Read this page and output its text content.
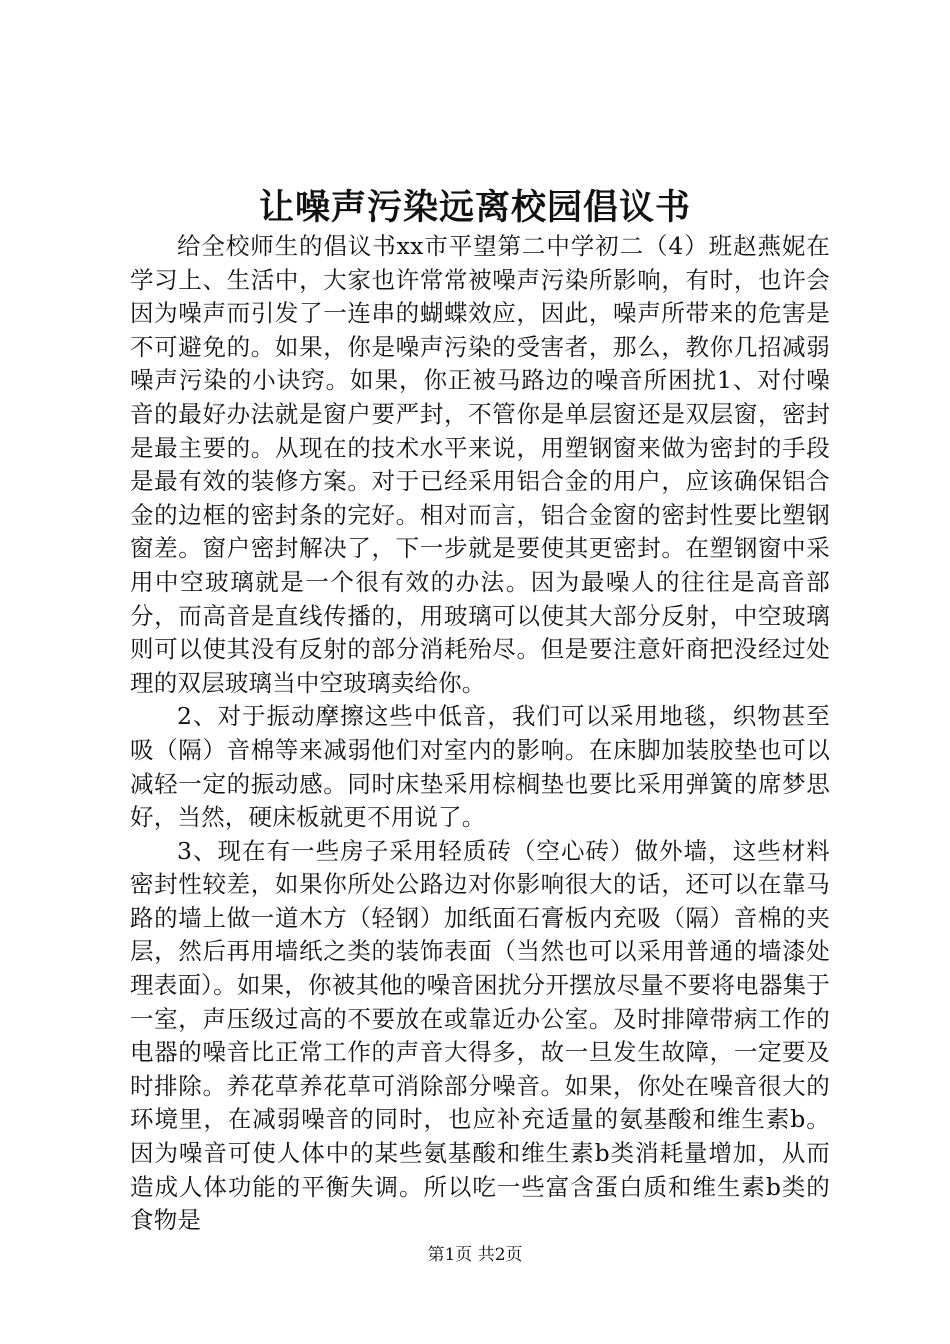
让噪声污染远离校园倡议书

给全校师生的倡议书xx市平望第二中学初二（4）班赵燕妮在学习上、生活中，大家也许常常被噪声污染所影响，有时，也许会因为噪声而引发了一连串的蝴蝶效应，因此，噪声所带来的危害是不可避免的。如果，你是噪声污染的受害者，那么，教你几招减弱噪声污染的小诀窍。如果，你正被马路边的噪音所困扰1、对付噪音的最好办法就是窗户要严封，不管你是单层窗还是双层窗，密封是最主要的。从现在的技术水平来说，用塑钢窗来做为密封的手段是最有效的装修方案。对于已经采用铝合金的用户，应该确保铝合金的边框的密封条的完好。相对而言，铝合金窗的密封性要比塑钢窗差。窗户密封解决了，下一步就是要使其更密封。在塑钢窗中采用中空玻璃就是一个很有效的办法。因为最噪人的往往是高音部分，而高音是直线传播的，用玻璃可以使其大部分反射，中空玻璃则可以使其没有反射的部分消耗殆尽。但是要注意奸商把没经过处理的双层玻璃当中空玻璃卖给你。

2、对于振动摩擦这些中低音，我们可以采用地毯，织物甚至吸（隔）音棉等来减弱他们对室内的影响。在床脚加装胶垫也可以减轻一定的振动感。同时床垫采用棕榈垫也要比采用弹簧的席梦思好，当然，硬床板就更不用说了。

3、现在有一些房子采用轻质砖（空心砖）做外墙，这些材料密封性较差，如果你所处公路边对你影响很大的话，还可以在靠马路的墙上做一道木方（轻钢）加纸面石膏板内充吸（隔）音棉的夹层，然后再用墙纸之类的装饰表面（当然也可以采用普通的墙漆处理表面）。如果，你被其他的噪音困扰分开摆放尽量不要将电器集于一室，声压级过高的不要放在或靠近办公室。及时排障带病工作的电器的噪音比正常工作的声音大得多，故一旦发生故障，一定要及时排除。养花草养花草可消除部分噪音。如果，你处在噪音很大的环境里，在减弱噪音的同时，也应补充适量的氨基酸和维生素b。因为噪音可使人体中的某些氨基酸和维生素b类消耗量增加，从而造成人体功能的平衡失调。所以吃一些富含蛋白质和维生素b类的食物是

第1页 共2页
